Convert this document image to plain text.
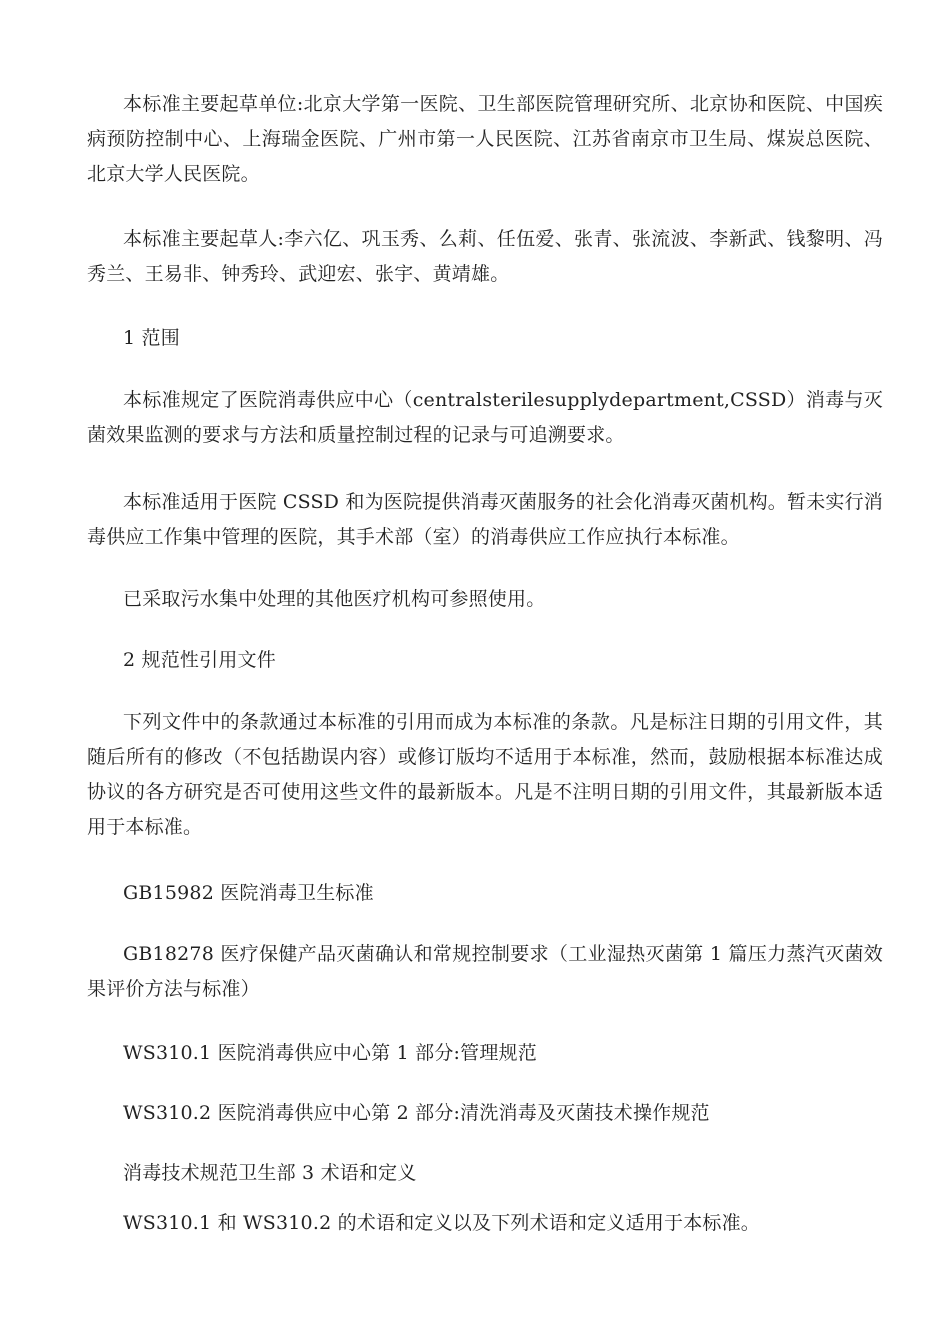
本标准主要起草单位:北京大学第一医院、卫生部医院管理研究所、北京协和医院、中国疾病预防控制中心、上海瑞金医院、广州市第一人民医院、江苏省南京市卫生局、煤炭总医院、北京大学人民医院。

本标准主要起草人:李六亿、巩玉秀、么莉、任伍爱、张青、张流波、李新武、钱黎明、冯秀兰、王易非、钟秀玲、武迎宏、张宇、黄靖雄。

1 范围

本标准规定了医院消毒供应中心（centralsterilesupplydepartment,CSSD）消毒与灭菌效果监测的要求与方法和质量控制过程的记录与可追溯要求。

本标准适用于医院 CSSD 和为医院提供消毒灭菌服务的社会化消毒灭菌机构。暂未实行消毒供应工作集中管理的医院，其手术部（室）的消毒供应工作应执行本标准。

已采取污水集中处理的其他医疗机构可参照使用。

2 规范性引用文件

下列文件中的条款通过本标准的引用而成为本标准的条款。凡是标注日期的引用文件，其随后所有的修改（不包括勘误内容）或修订版均不适用于本标准，然而，鼓励根据本标准达成协议的各方研究是否可使用这些文件的最新版本。凡是不注明日期的引用文件，其最新版本适用于本标准。

GB15982 医院消毒卫生标准

GB18278 医疗保健产品灭菌确认和常规控制要求（工业湿热灭菌第 1 篇压力蒸汽灭菌效果评价方法与标准）

WS310.1 医院消毒供应中心第 1 部分:管理规范

WS310.2 医院消毒供应中心第 2 部分:清洗消毒及灭菌技术操作规范

消毒技术规范卫生部 3 术语和定义

WS310.1 和 WS310.2 的术语和定义以及下列术语和定义适用于本标准。
